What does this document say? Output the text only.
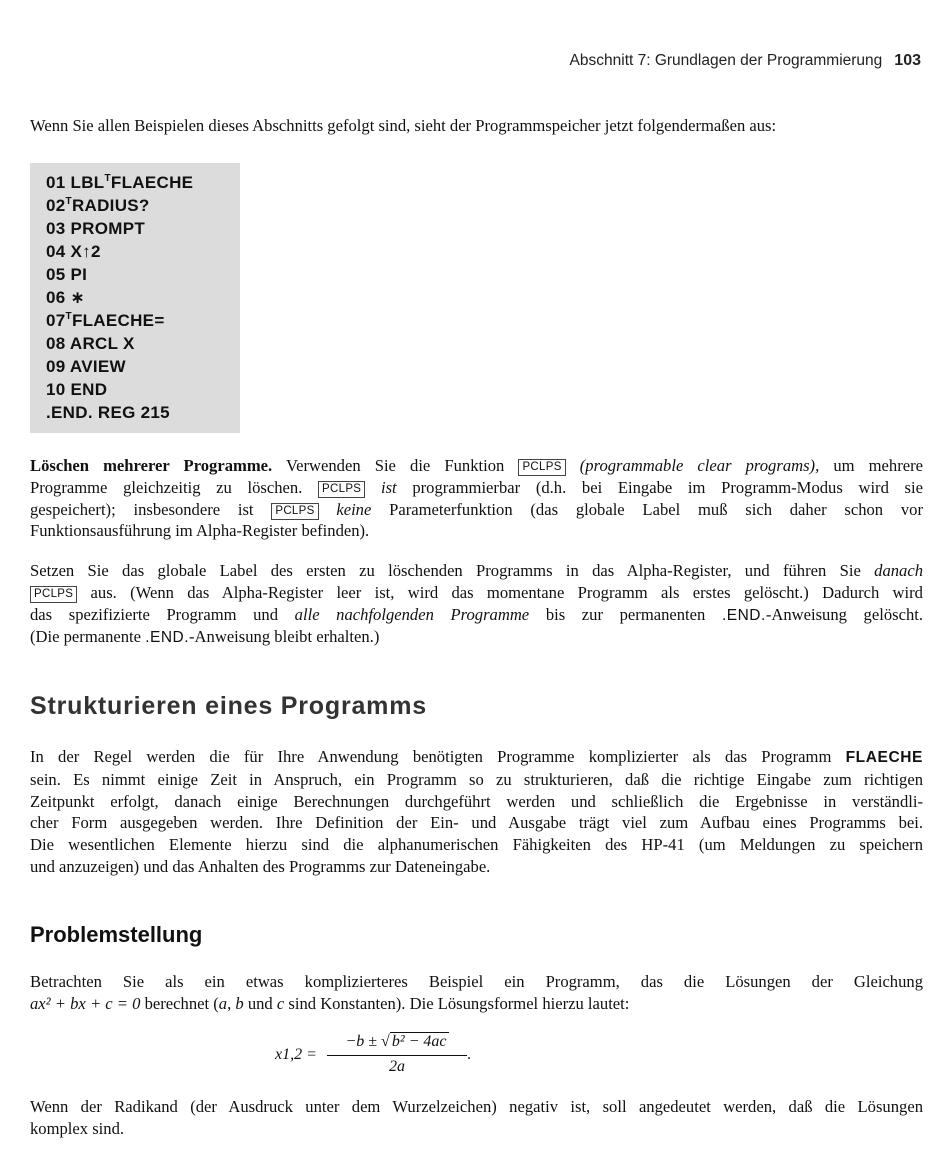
Abschnitt 7: Grundlagen der Programmierung 103
Wenn Sie allen Beispielen dieses Abschnitts gefolgt sind, sieht der Programmspeicher jetzt folgendermaßen aus:
01 $LBL^TFLAECHE$
$02^TRADIUS$?
03 PROMPT
04 X↑2
05 PI
06 ∗
$07^TFLAECHE=$
08 ARCL X
09 AVIEW
10 END
.END. REG 215
Löschen mehrerer Programme. Verwenden Sie die Funktion PCLPS (programmable clear programs), um mehrere
Programme gleichzeitig zu löschen. PCLPS ist programmierbar (d.h. bei Eingabe im Programm-Modus wird sie
gespeichert); insbesondere ist PCLPS keine Parameterfunktion (das globale Label muß sich daher schon vor
Funktionsausführung im Alpha-Register befinden).
Setzen Sie das globale Label des ersten zu löschenden Programms in das Alpha-Register, und führen Sie danach
PCLPS aus. (Wenn das Alpha-Register leer ist, wird das momentane Programm als erstes gelöscht.) Dadurch wird
das spezifizierte Programm und alle nachfolgenden Programme bis zur permanenten .END.-Anweisung gelöscht.
(Die permanente .END.-Anweisung bleibt erhalten.)
Strukturieren eines Programms
In der Regel werden die für Ihre Anwendung benötigten Programme komplizierter als das Programm FLAECHE
sein. Es nimmt einige Zeit in Anspruch, ein Programm so zu strukturieren, daß die richtige Eingabe zum richtigen
Zeitpunkt erfolgt, danach einige Berechnungen durchgeführt werden und schließlich die Ergebnisse in verständli-
cher Form ausgegeben werden. Ihre Definition der Ein- und Ausgabe trägt viel zum Aufbau eines Programms bei.
Die wesentlichen Elemente hierzu sind die alphanumerischen Fähigkeiten des HP-41 (um Meldungen zu speichern
und anzuzeigen) und das Anhalten des Programms zur Dateneingabe.
Problemstellung
Betrachten Sie als ein etwas komplizierteres Beispiel ein Programm, das die Lösungen der Gleichung
ax² + bx + c = 0 berechnet (a, b und c sind Konstanten). Die Lösungsformel hierzu lautet:
x1,2 =
−b ± √ b² − 4ac
2a
.
Wenn der Radikand (der Ausdruck unter dem Wurzelzeichen) negativ ist, soll angedeutet werden, daß die Lösungen
komplex sind.
